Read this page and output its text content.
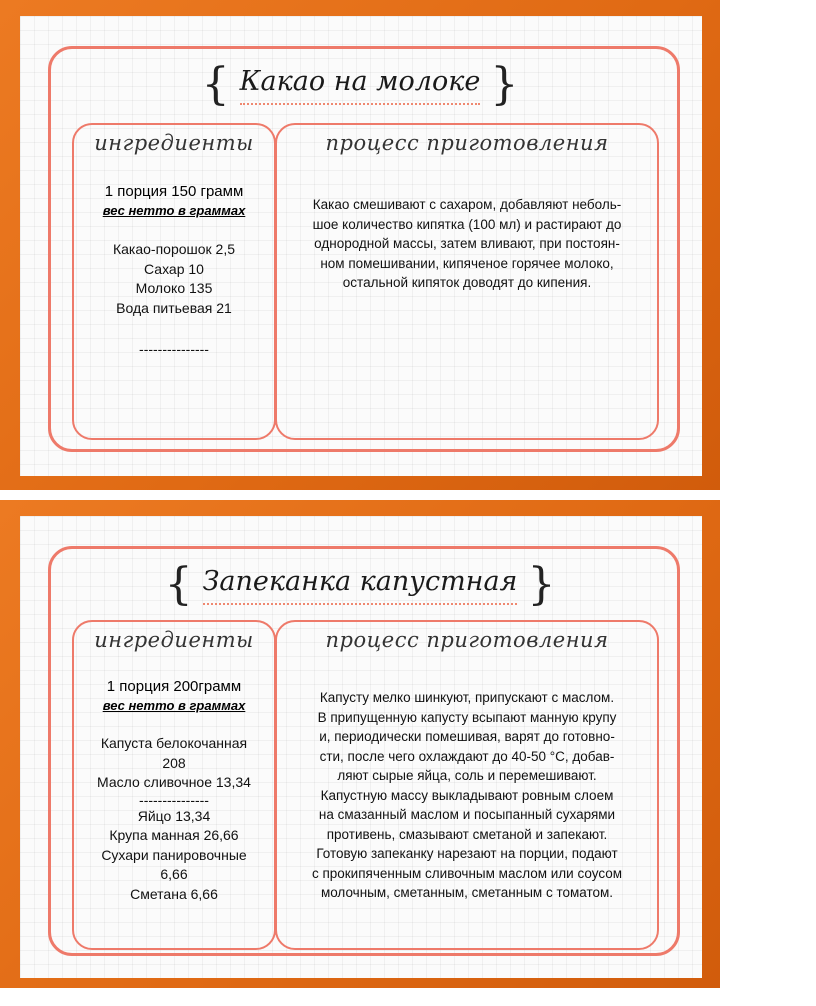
{ Какао на молоке }
ингредиенты
1 порция 150 грамм
вес нетто в граммах
Какао-порошок 2,5
Сахар 10
Молоко 135
Вода питьевая 21
---------------
процесс приготовления
Какао смешивают с сахаром, добавляют неболь-
шое количество кипятка (100 мл) и растирают до
однородной массы, затем вливают, при постоян-
ном помешивании, кипяченое горячее молоко,
остальной кипяток доводят до кипения.
{ Запеканка капустная }
ингредиенты
1 порция 200грамм
вес нетто в граммах
Капуста белокочанная
208
Масло сливочное 13,34
---------------
Яйцо 13,34
Крупа манная 26,66
Сухари панировочные
6,66
Сметана 6,66
процесс приготовления
Капусту мелко шинкуют, припускают с маслом.
В припущенную капусту всыпают манную крупу
и, периодически помешивая, варят до готовно-
сти, после чего охлаждают до 40-50 °С, добав-
ляют сырые яйца, соль и перемешивают.
Капустную массу выкладывают ровным слоем
на смазанный маслом и посыпанный сухарями
противень, смазывают сметаной и запекают.
Готовую запеканку нарезают на порции, подают
с прокипяченным сливочным маслом или соусом
молочным, сметанным, сметанным с томатом.
